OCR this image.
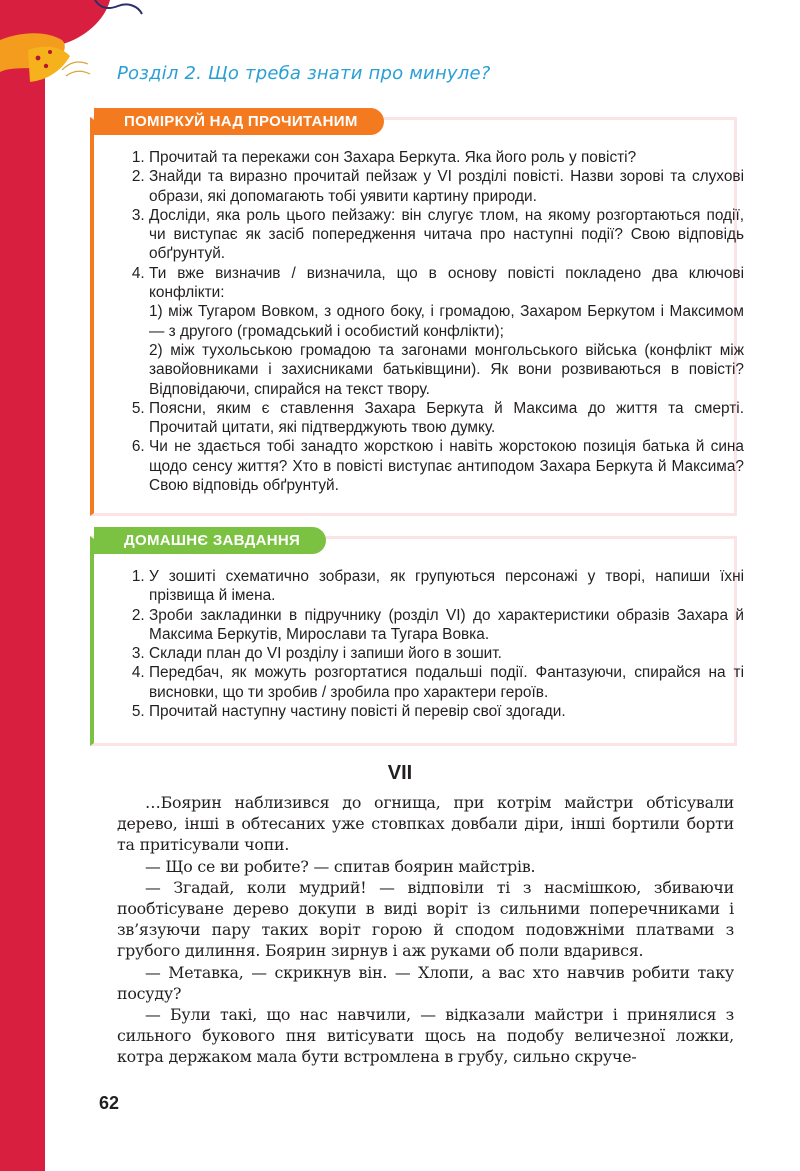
Розділ 2. Що треба знати про минуле?
ПОМІРКУЙ НАД ПРОЧИТАНИМ
1. Прочитай та перекажи сон Захара Беркута. Яка його роль у повісті?
2. Знайди та виразно прочитай пейзаж у VI розділі повісті. Назви зорові та слухові образи, які допомагають тобі уявити картину природи.
3. Досліди, яка роль цього пейзажу: він слугує тлом, на якому розгортаються події, чи виступає як засіб попередження читача про наступні події? Свою відповідь обґрунтуй.
4. Ти вже визначив / визначила, що в основу повісті покладено два ключові конфлікти:
1) між Тугаром Вовком, з одного боку, і громадою, Захаром Беркутом і Максимом — з другого (громадський і особистий конфлікти);
2) між тухольською громадою та загонами монгольського війська (конфлікт між завойовниками і захисниками батьківщини). Як вони розвиваються в повісті? Відповідаючи, спирайся на текст твору.
5. Поясни, яким є ставлення Захара Беркута й Максима до життя та смерті. Прочитай цитати, які підтверджують твою думку.
6. Чи не здається тобі занадто жорсткою і навіть жорстокою позиція батька й сина щодо сенсу життя? Хто в повісті виступає антиподом Захара Беркута й Максима? Свою відповідь обґрунтуй.
ДОМАШНЄ ЗАВДАННЯ
1. У зошиті схематично зобрази, як групуються персонажі у творі, напиши їхні прізвища й імена.
2. Зроби закладинки в підручнику (розділ VI) до характеристики образів Захара й Максима Беркутів, Мирослави та Тугара Вовка.
3. Склади план до VI розділу і запиши його в зошит.
4. Передбач, як можуть розгортатися подальші події. Фантазуючи, спирайся на ті висновки, що ти зробив / зробила про характери героїв.
5. Прочитай наступну частину повісті й перевір свої здогади.
VII

…Боярин наблизився до огнища, при котрім майстри обтісували дерево, інші в обтесаних уже стовпках довбали діри, інші бортили борти та притісували чопи.

— Що се ви робите? — спитав боярин майстрів.

— Згадай, коли мудрий! — відповіли ті з насмішкою, збиваючи пообтісуване дерево докупи в виді воріт із сильними поперечниками і зв’язуючи пару таких воріт горою й сподом подовжніми платвами з грубого дилиння. Боярин зирнув і аж руками об поли вдарився.

— Метавка, — скрикнув він. — Хлопи, а вас хто навчив робити таку посуду?

— Були такі, що нас навчили, — відказали майстри і принялися з сильного букового пня витісувати щось на подобу величезної ложки, котра держаком мала бути встромлена в грубу, сильно скруче-

62
